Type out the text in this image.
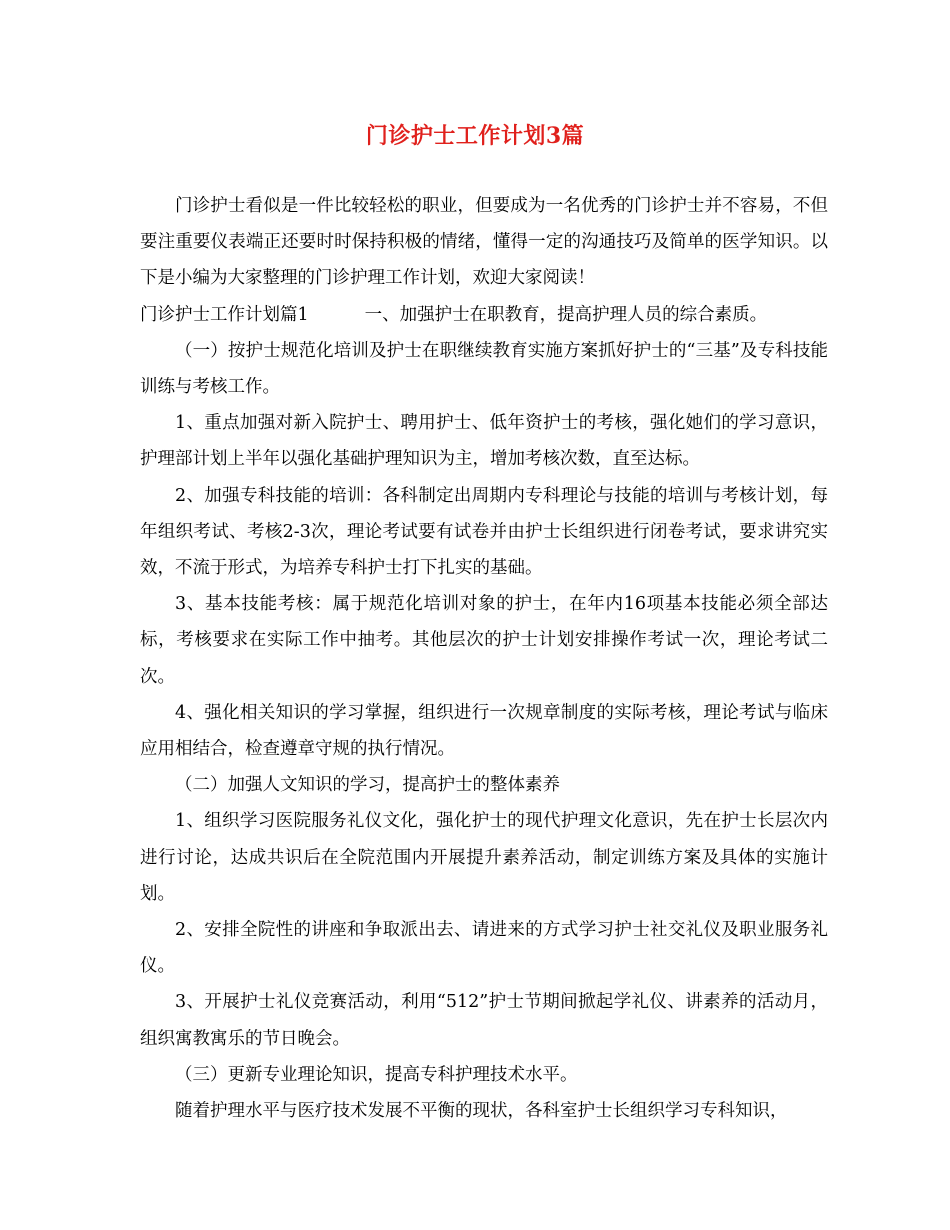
门诊护士工作计划3篇

门诊护士看似是一件比较轻松的职业，但要成为一名优秀的门诊护士并不容易，不但要注重要仪表端正还要时时保持积极的情绪，懂得一定的沟通技巧及简单的医学知识。以下是小编为大家整理的门诊护理工作计划，欢迎大家阅读！

门诊护士工作计划篇1	一、加强护士在职教育，提高护理人员的综合素质。

（一）按护士规范化培训及护士在职继续教育实施方案抓好护士的“三基”及专科技能训练与考核工作。

1、重点加强对新入院护士、聘用护士、低年资护士的考核，强化她们的学习意识，护理部计划上半年以强化基础护理知识为主，增加考核次数，直至达标。

2、加强专科技能的培训：各科制定出周期内专科理论与技能的培训与考核计划，每年组织考试、考核2-3次，理论考试要有试卷并由护士长组织进行闭卷考试，要求讲究实效，不流于形式，为培养专科护士打下扎实的基础。

3、基本技能考核：属于规范化培训对象的护士，在年内16项基本技能必须全部达标，考核要求在实际工作中抽考。其他层次的护士计划安排操作考试一次，理论考试二次。

4、强化相关知识的学习掌握，组织进行一次规章制度的实际考核，理论考试与临床应用相结合，检查遵章守规的执行情况。

（二）加强人文知识的学习，提高护士的整体素养

1、组织学习医院服务礼仪文化，强化护士的现代护理文化意识，先在护士长层次内进行讨论，达成共识后在全院范围内开展提升素养活动，制定训练方案及具体的实施计划。

2、安排全院性的讲座和争取派出去、请进来的方式学习护士社交礼仪及职业服务礼仪。

3、开展护士礼仪竞赛活动，利用“512”护士节期间掀起学礼仪、讲素养的活动月，组织寓教寓乐的节日晚会。

（三）更新专业理论知识，提高专科护理技术水平。

随着护理水平与医疗技术发展不平衡的现状，各科室护士长组织学习专科知识，
